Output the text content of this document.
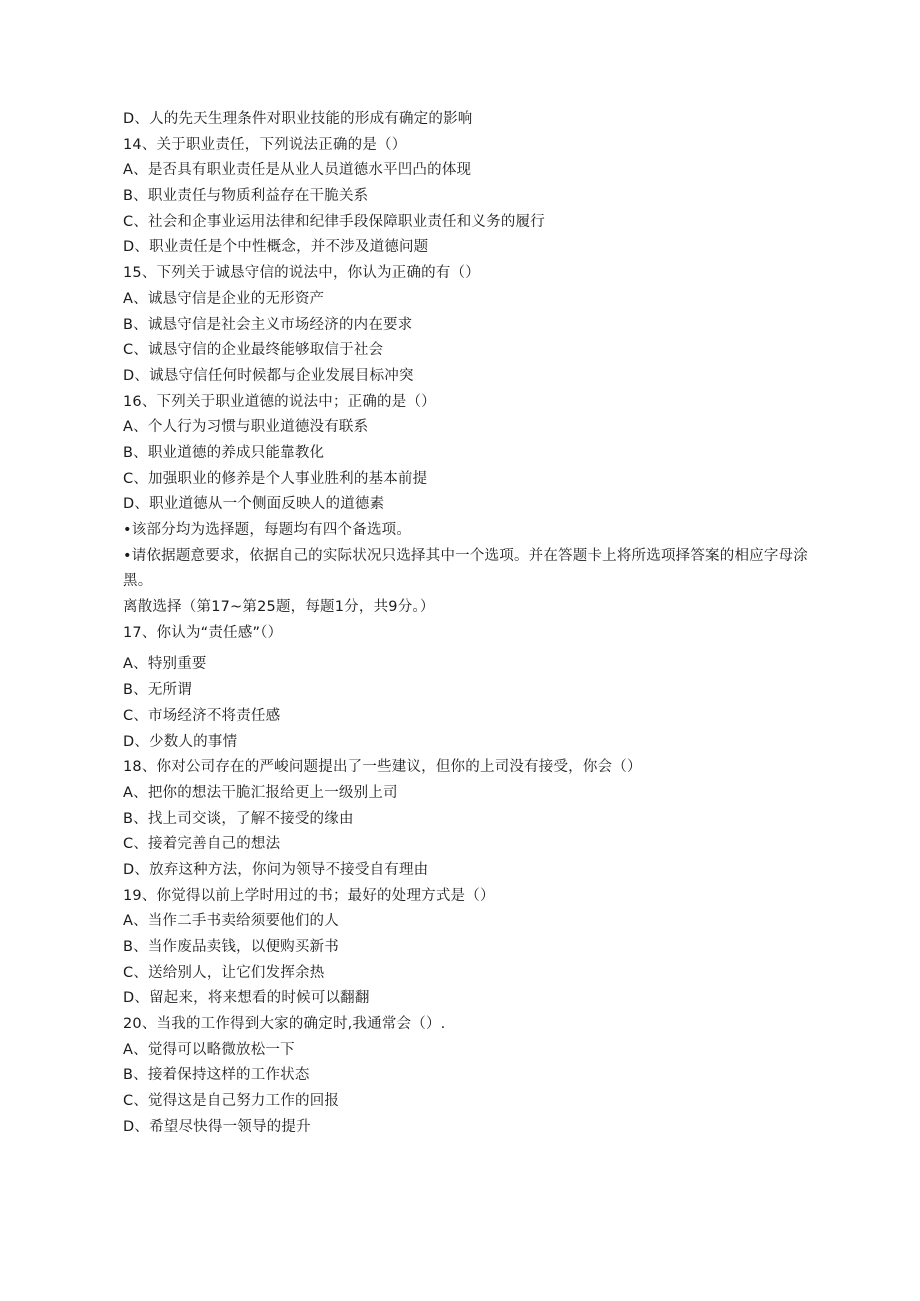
D、人的先天生理条件对职业技能的形成有确定的影响
14、关于职业责任，下列说法正确的是（）
A、是否具有职业责任是从业人员道德水平凹凸的体现
B、职业责任与物质利益存在干脆关系
C、社会和企事业运用法律和纪律手段保障职业责任和义务的履行
D、职业责任是个中性概念，并不涉及道德问题
15、下列关于诚恳守信的说法中，你认为正确的有（）
A、诚恳守信是企业的无形资产
B、诚恳守信是社会主义市场经济的内在要求
C、诚恳守信的企业最终能够取信于社会
D、诚恳守信任何时候都与企业发展目标冲突
16、下列关于职业道德的说法中；正确的是（）
A、个人行为习惯与职业道德没有联系
B、职业道德的养成只能靠教化
C、加强职业的修养是个人事业胜利的基本前提
D、职业道德从一个侧面反映人的道德素
•该部分均为选择题，每题均有四个备选项。
•请依据题意要求，依据自己的实际状况只选择其中一个选项。并在答题卡上将所选项择答案的相应字母涂黑。
离散选择（第17~第25题，每题1分，共9分。）
17、你认为“责任感”（）
A、特别重要
B、无所谓
C、市场经济不将责任感
D、少数人的事情
18、你对公司存在的严峻问题提出了一些建议，但你的上司没有接受，你会（）
A、把你的想法干脆汇报给更上一级别上司
B、找上司交谈，了解不接受的缘由
C、接着完善自己的想法
D、放弃这种方法，你问为领导不接受自有理由
19、你觉得以前上学时用过的书；最好的处理方式是（）
A、当作二手书卖给须要他们的人
B、当作废品卖钱，以便购买新书
C、送给别人，让它们发挥余热
D、留起来，将来想看的时候可以翻翻
20、当我的工作得到大家的确定时,我通常会（）.
A、觉得可以略微放松一下
B、接着保持这样的工作状态
C、觉得这是自己努力工作的回报
D、希望尽快得一领导的提升
